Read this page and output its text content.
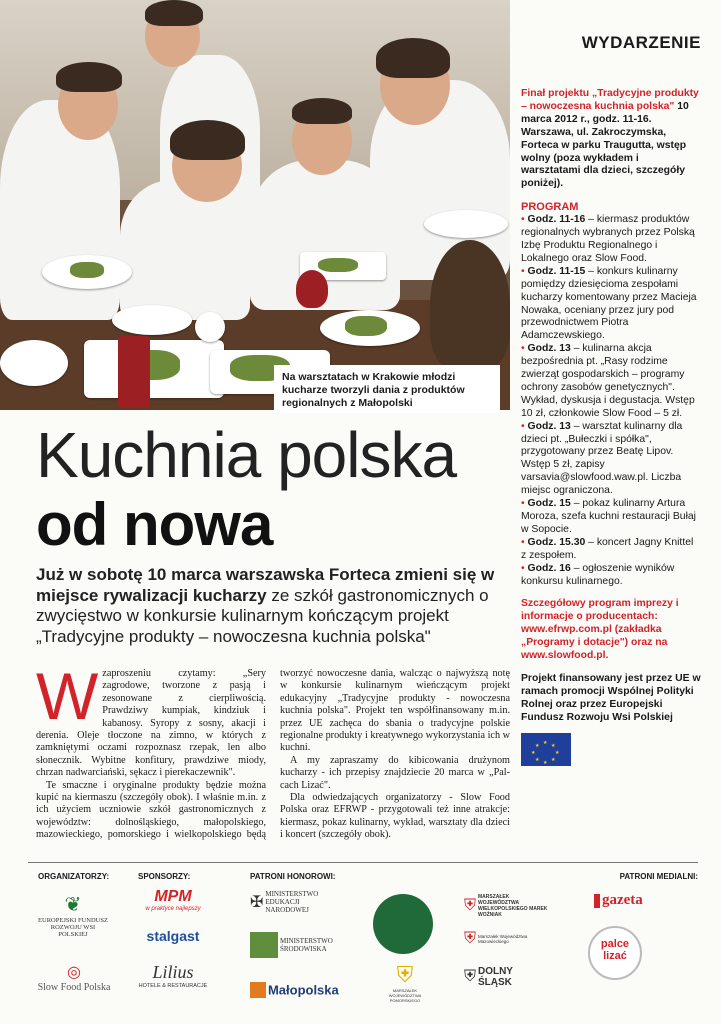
Na warsztatach w Krakowie młodzi kucharze tworzyli dania z produktów regionalnych z Małopolski
WYDARZENIE
Finał projektu „Tradycyjne produkty – nowoczesna kuchnia polska" 10 marca 2012 r., godz. 11-16. Warszawa, ul. Zakroczymska, Forteca w parku Traugutta, wstęp wolny (poza wykładem i warsztatami dla dzieci, szczegóły poniżej).
PROGRAM
• Godz. 11-16 – kiermasz produktów regionalnych wybranych przez Polską Izbę Produktu Regionalnego i Lokalnego oraz Slow Food.
• Godz. 11-15 – konkurs kulinarny pomiędzy dziesięcioma zespołami kucharzy komentowany przez Macieja Nowaka, oceniany przez jury pod przewodnictwem Piotra Adamczewskiego.
• Godz. 13 – kulinarna akcja bezpośrednia pt. „Rasy rodzime zwierząt gospodarskich – programy ochrony zasobów genetycznych". Wykład, dyskusja i degustacja. Wstęp 10 zł, członkowie Slow Food – 5 zł.
• Godz. 13 – warsztat kulinarny dla dzieci pt. „Bułeczki i spółka", przygotowany przez Beatę Lipov. Wstęp 5 zł, zapisy varsavia@slowfood.waw.pl. Liczba miejsc ograniczona.
• Godz. 15 – pokaz kulinarny Artura Moroza, szefa kuchni restauracji Bułaj w Sopocie.
• Godz. 15.30 – koncert Jagny Knittel z zespołem.
• Godz. 16 – ogłoszenie wyników konkursu kulinarnego.
Szczegółowy program imprezy i informacje o producentach: www.efrwp.com.pl (zakładka „Programy i dotacje") oraz na www.slowfood.pl.
Projekt finansowany jest przez UE w ramach promocji Wspólnej Polityki Rolnej oraz przez Europejski Fundusz Rozwoju Wsi Polskiej
★ ★
★
★
★
★
★
★
Kuchnia polska
od nowa
Już w sobotę 10 marca warszawska Forteca zmieni się w miejsce rywalizacji kucharzy ze szkół gastronomicznych o zwycięstwo w konkursie kulinarnym kończącym projekt „Tradycyjne produkty – nowoczesna kuchnia polska"

Wzaproszeniu czytamy: „Sery zagrodowe, tworzone z pasją i zesonowane z cierpliwością. Prawdziwy kumpiak, kindziuk i kabanosy. Syropy z sosny, akacji i derenia. Oleje tłoczone na zimno, w których z zamkniętymi oczami rozpoznasz rzepak, len albo słonecznik. Wybitne konfitury, prawdziwe miody, chrzan nadwarciański, sękacz i pierekaczewnik".

Te smaczne i oryginalne produkty będzie można kupić na kiermaszu (szczegóły obok). I właśnie m.in. z ich użyciem uczniowie szkół gastronomicznych z województw: dolnośląskiego, małopolskiego, mazowieckiego, pomorskiego i wielkopolskiego będą tworzyć nowoczesne dania, walcząc o najwyższą notę w konkursie kulinarnym wieńczącym projekt edukacyjny „Tradycyjne produkty - nowoczesna kuchnia polska". Projekt ten współfinansowany m.in. przez UE zachęca do sbania o tradycyjne polskie regionalne produkty i kreatywnego wykorzystania ich w kuchni.

A my zapraszamy do kibicowania drużynom kucharzy - ich przepisy znajdziecie 20 marca w „Pal-cach Lizać".

Dla odwiedzających organizatorzy - Slow Food Polska oraz EFRWP - przygotowali też inne atrakcje: kiermasz, pokaz kulinarny, wykład, warsztaty dla dzieci i koncert (szczegóły obok).

ORGANIZATORZY:	SPONSORZY:	PATRONI HONOROWI:	PATRONI MEDIALNI:
❦
EUROPEJSKI FUNDUSZ ROZWOJU WSI POLSKIEJ
◎
Slow Food Polska
MPM
w praktyce najlepszy
stalgast
Lilius
HOTELE & RESTAURACJE
✠ MINISTERSTWO EDUKACJI NARODOWEJ
MINISTERSTWO ŚRODOWISKA
Małopolska
⛨
MARSZAŁEK WOJEWÓDZTWA POMORSKIEGO
⛨ MARSZAŁEK WOJEWÓDZTWA WIELKOPOLSKIEGO MAREK WOŹNIAK
⛨ Marszałek Województwa Mazowieckiego
⛨ DOLNY ŚLĄSK
gazeta
palce lizać
